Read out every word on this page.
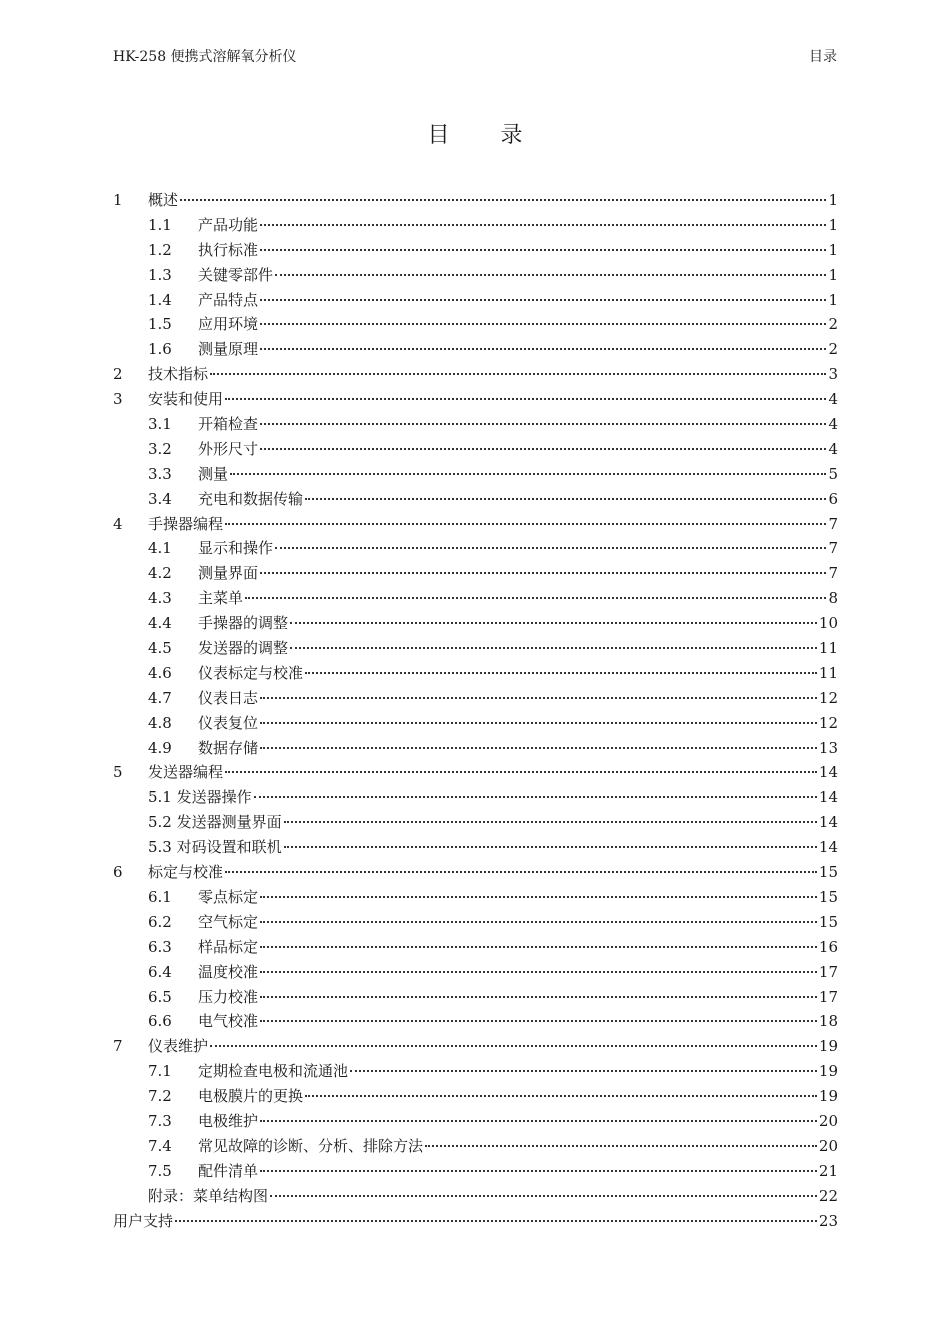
HK-258 便携式溶解氧分析仪	目录
目 录
1	概述	1
1.1	产品功能	1
1.2	执行标准	1
1.3	关键零部件	1
1.4	产品特点	1
1.5	应用环境	2
1.6	测量原理	2
2	技术指标	3
3	安装和使用	4
3.1	开箱检查	4
3.2	外形尺寸	4
3.3	测量	5
3.4	充电和数据传输	6
4	手操器编程	7
4.1	显示和操作	7
4.2	测量界面	7
4.3	主菜单	8
4.4	手操器的调整	10
4.5	发送器的调整	11
4.6	仪表标定与校准	11
4.7	仪表日志	12
4.8	仪表复位	12
4.9	数据存储	13
5	发送器编程	14
5.1 发送器操作	14
5.2 发送器测量界面	14
5.3 对码设置和联机	14
6	标定与校准	15
6.1	零点标定	15
6.2	空气标定	15
6.3	样品标定	16
6.4	温度校准	17
6.5	压力校准	17
6.6	电气校准	18
7	仪表维护	19
7.1	定期检查电极和流通池	19
7.2	电极膜片的更换	19
7.3	电极维护	20
7.4	常见故障的诊断、分析、排除方法	20
7.5	配件清单	21
附录：菜单结构图	22
用户支持	23
